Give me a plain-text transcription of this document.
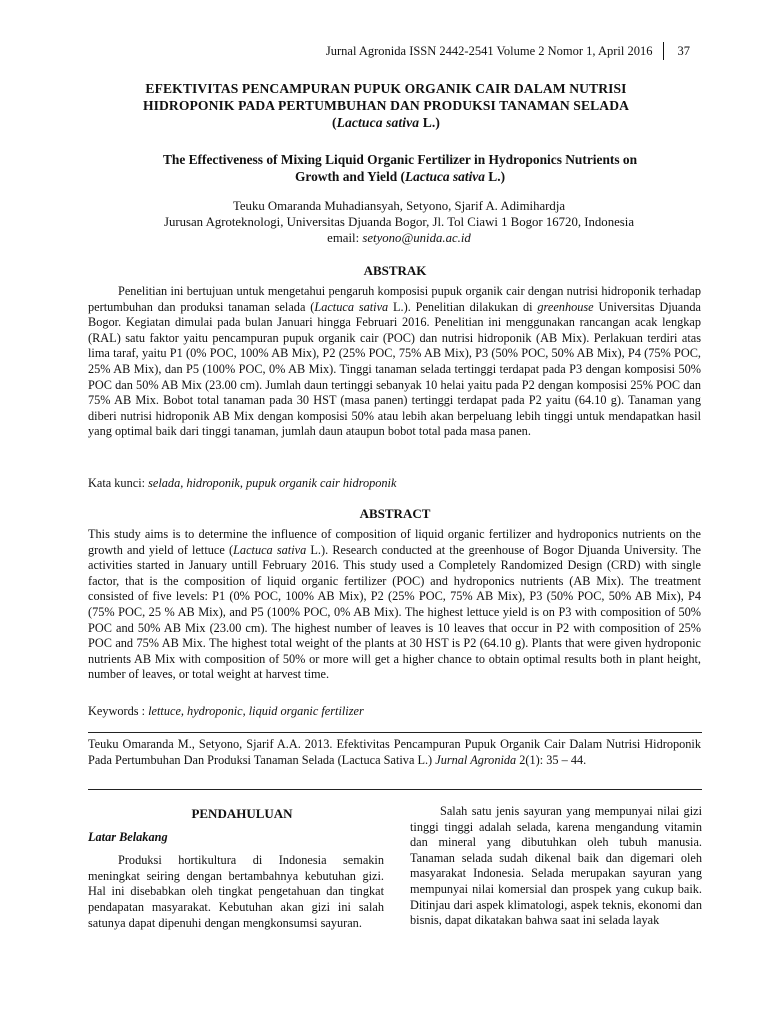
Jurnal Agronida ISSN 2442-2541 Volume 2 Nomor 1, April 2016 37
EFEKTIVITAS PENCAMPURAN PUPUK ORGANIK CAIR DALAM NUTRISI
HIDROPONIK PADA PERTUMBUHAN DAN PRODUKSI TANAMAN SELADA
(Lactuca sativa L.)
The Effectiveness of Mixing Liquid Organic Fertilizer in Hydroponics Nutrients on
Growth and Yield (Lactuca sativa L.)
Teuku Omaranda Muhadiansyah, Setyono, Sjarif A. Adimihardja
Jurusan Agroteknologi, Universitas Djuanda Bogor, Jl. Tol Ciawi 1 Bogor 16720, Indonesia
email: setyono@unida.ac.id
ABSTRAK
Penelitian ini bertujuan untuk mengetahui pengaruh komposisi pupuk organik cair dengan nutrisi hidroponik terhadap pertumbuhan dan produksi tanaman selada (Lactuca sativa L.). Penelitian dilakukan di greenhouse Universitas Djuanda Bogor. Kegiatan dimulai pada bulan Januari hingga Februari 2016. Penelitian ini menggunakan rancangan acak lengkap (RAL) satu faktor yaitu pencampuran pupuk organik cair (POC) dan nutrisi hidroponik (AB Mix). Perlakuan terdiri atas lima taraf, yaitu P1 (0% POC, 100% AB Mix), P2 (25% POC, 75% AB Mix), P3 (50% POC, 50% AB Mix), P4 (75% POC, 25% AB Mix), dan P5 (100% POC, 0% AB Mix). Tinggi tanaman selada tertinggi terdapat pada P3 dengan komposisi 50% POC dan 50% AB Mix (23.00 cm). Jumlah daun tertinggi sebanyak 10 helai yaitu pada P2 dengan komposisi 25% POC dan 75% AB Mix. Bobot total tanaman pada 30 HST (masa panen) tertinggi terdapat pada P2 yaitu (64.10 g). Tanaman yang diberi nutrisi hidroponik AB Mix dengan komposisi 50% atau lebih akan berpeluang lebih tinggi untuk mendapatkan hasil yang optimal baik dari tinggi tanaman, jumlah daun ataupun bobot total pada masa panen.
Kata kunci: selada, hidroponik, pupuk organik cair hidroponik
ABSTRACT
This study aims is to determine the influence of composition of liquid organic fertilizer and hydroponics nutrients on the growth and yield of lettuce (Lactuca sativa L.). Research conducted at the greenhouse of Bogor Djuanda University. The activities started in January untill February 2016. This study used a Completely Randomized Design (CRD) with single factor, that is the composition of liquid organic fertilizer (POC) and hydroponics nutrients (AB Mix). The treatment consisted of five levels: P1 (0% POC, 100% AB Mix), P2 (25% POC, 75% AB Mix), P3 (50% POC, 50% AB Mix), P4 (75% POC, 25 % AB Mix), and P5 (100% POC, 0% AB Mix). The highest lettuce yield is on P3 with composition of 50% POC and 50% AB Mix (23.00 cm). The highest number of leaves is 10 leaves that occur in P2 with composition of 25% POC and 75% AB Mix. The highest total weight of the plants at 30 HST is P2 (64.10 g). Plants that were given hydroponic nutrients AB Mix with composition of 50% or more will get a higher chance to obtain optimal results both in plant height, number of leaves, or total weight at harvest time.
Keywords : lettuce, hydroponic, liquid organic fertilizer
Teuku Omaranda M., Setyono, Sjarif A.A. 2013. Efektivitas Pencampuran Pupuk Organik Cair Dalam Nutrisi Hidroponik Pada Pertumbuhan Dan Produksi Tanaman Selada (Lactuca Sativa L.) Jurnal Agronida 2(1): 35 – 44.
PENDAHULUAN
Latar Belakang
Produksi hortikultura di Indonesia semakin meningkat seiring dengan bertambahnya kebutuhan gizi. Hal ini disebabkan oleh tingkat pengetahuan dan tingkat pendapatan masyarakat. Kebutuhan akan gizi ini salah satunya dapat dipenuhi dengan mengkonsumsi sayuran.
Salah satu jenis sayuran yang mempunyai nilai gizi tinggi tinggi adalah selada, karena mengandung vitamin dan mineral yang dibutuhkan oleh tubuh manusia. Tanaman selada sudah dikenal baik dan digemari oleh masyarakat Indonesia. Selada merupakan sayuran yang mempunyai nilai komersial dan prospek yang cukup baik. Ditinjau dari aspek klimatologi, aspek teknis, ekonomi dan bisnis, dapat dikatakan bahwa saat ini selada layak
